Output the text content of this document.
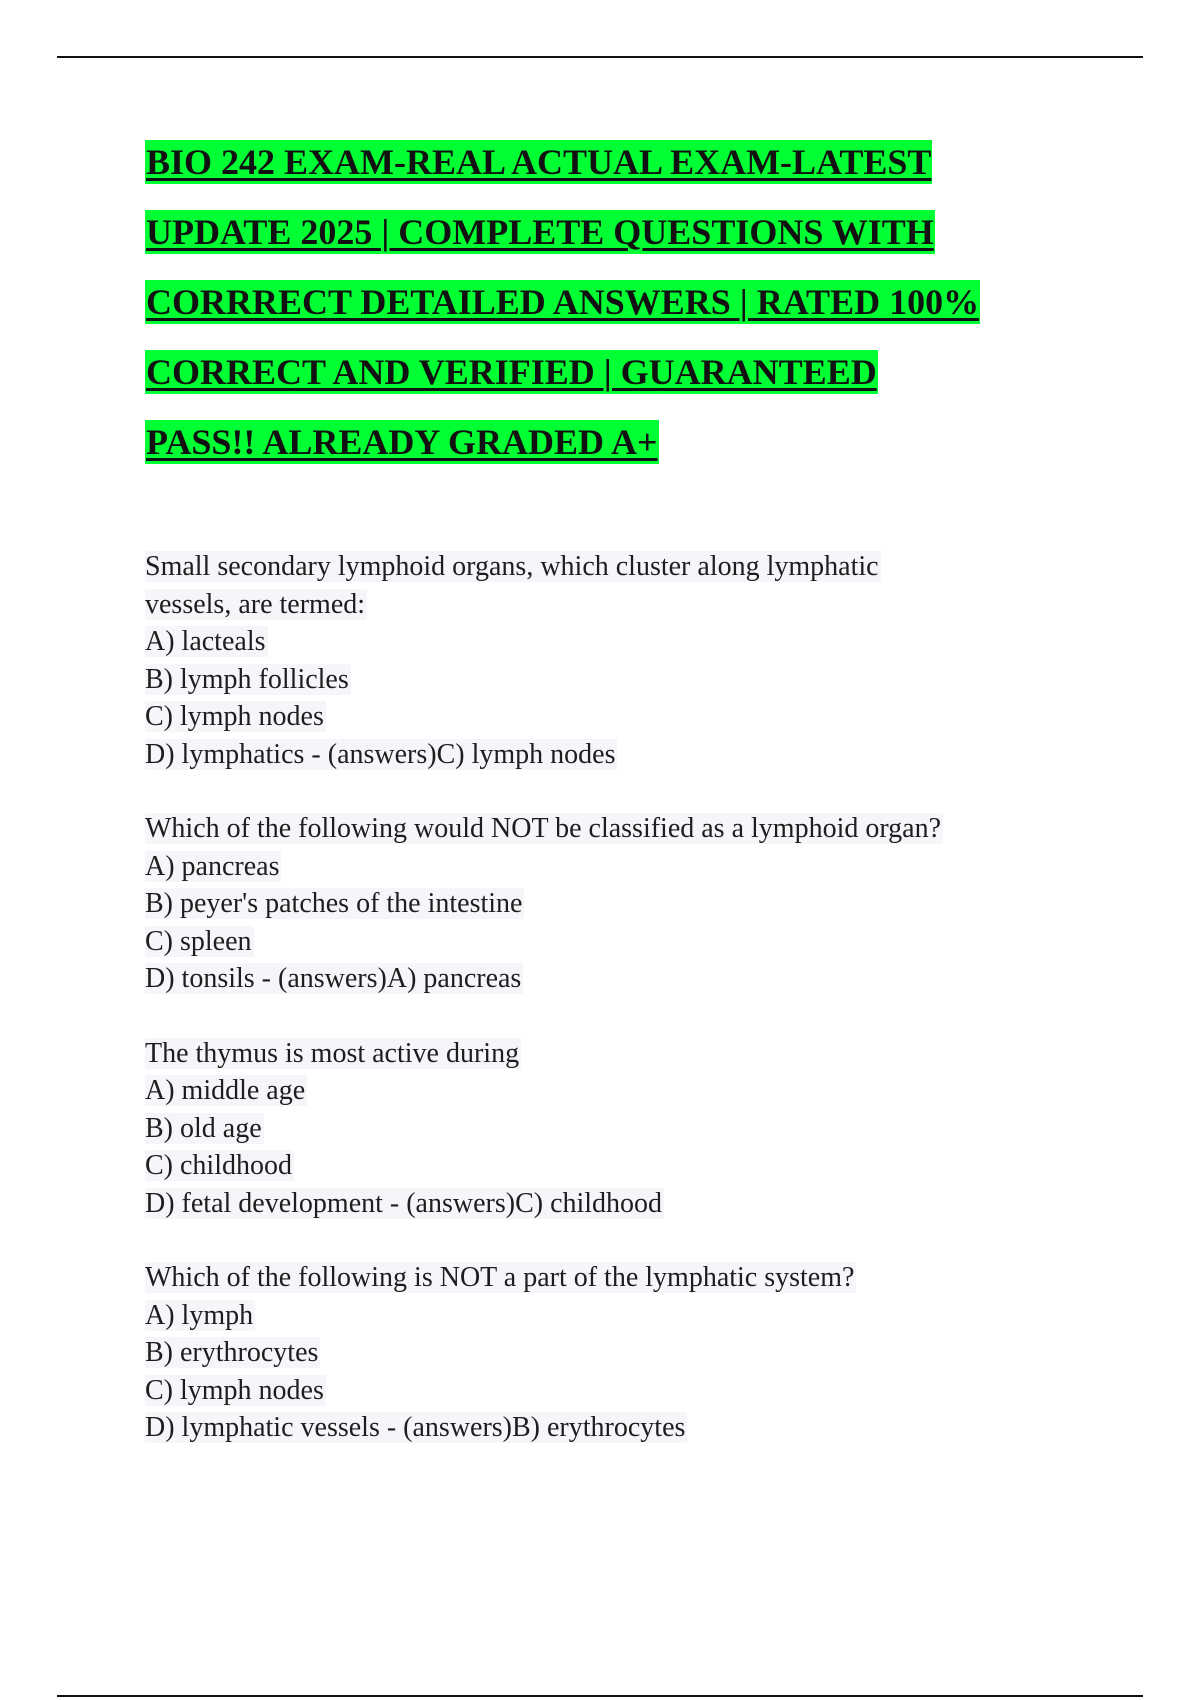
BIO 242 EXAM-REAL ACTUAL EXAM-LATEST
UPDATE 2025 | COMPLETE QUESTIONS WITH
CORRRECT DETAILED ANSWERS | RATED 100%
CORRECT AND VERIFIED | GUARANTEED
PASS!! ALREADY GRADED A+
Small secondary lymphoid organs, which cluster along lymphatic
vessels, are termed:
A) lacteals
B) lymph follicles
C) lymph nodes
D) lymphatics - (answers)C) lymph nodes
Which of the following would NOT be classified as a lymphoid organ?
A) pancreas
B) peyer's patches of the intestine
C) spleen
D) tonsils - (answers)A) pancreas
The thymus is most active during
A) middle age
B) old age
C) childhood
D) fetal development - (answers)C) childhood
Which of the following is NOT a part of the lymphatic system?
A) lymph
B) erythrocytes
C) lymph nodes
D) lymphatic vessels - (answers)B) erythrocytes
